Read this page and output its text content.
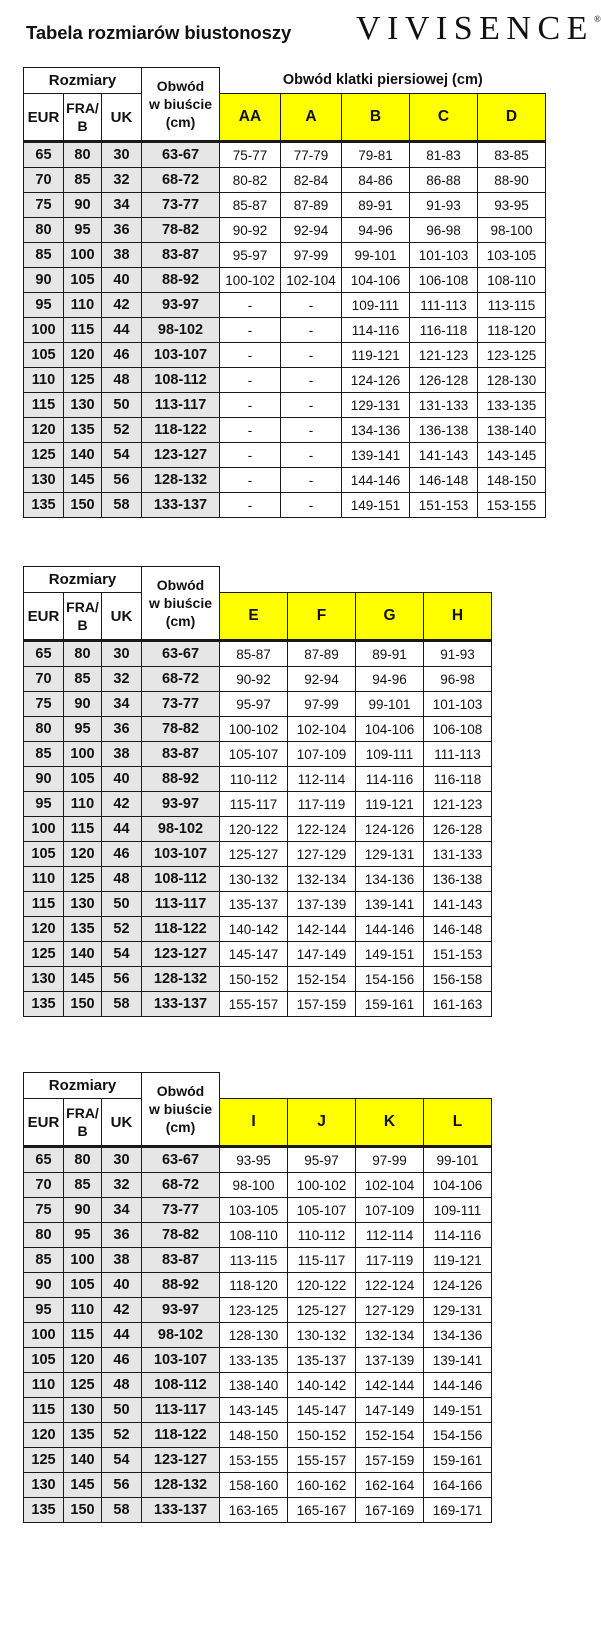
Tabela rozmiarów biustonoszy VIVISENCE®
Rozmiary			Obwód
w biuście
(cm)	Obwód klatki piersiowej (cm)				
EUR	FRA/
B	UK		AA	A	B	C	D
65	80	30	63-67	75-77	77-79	79-81	81-83	83-85
70	85	32	68-72	80-82	82-84	84-86	86-88	88-90
75	90	34	73-77	85-87	87-89	89-91	91-93	93-95
80	95	36	78-82	90-92	92-94	94-96	96-98	98-100
85	100	38	83-87	95-97	97-99	99-101	101-103	103-105
90	105	40	88-92	100-102	102-104	104-106	106-108	108-110
95	110	42	93-97	-	-	109-111	111-113	113-115
100	115	44	98-102	-	-	114-116	116-118	118-120
105	120	46	103-107	-	-	119-121	121-123	123-125
110	125	48	108-112	-	-	124-126	126-128	128-130
115	130	50	113-117	-	-	129-131	131-133	133-135
120	135	52	118-122	-	-	134-136	136-138	138-140
125	140	54	123-127	-	-	139-141	141-143	143-145
130	145	56	128-132	-	-	144-146	146-148	148-150
135	150	58	133-137	-	-	149-151	151-153	153-155
Rozmiary			Obwód
w biuście
(cm)				

EUR	FRA/
B	UK		E	F	G	H
65	80	30	63-67	85-87	87-89	89-91	91-93
70	85	32	68-72	90-92	92-94	94-96	96-98
75	90	34	73-77	95-97	97-99	99-101	101-103
80	95	36	78-82	100-102	102-104	104-106	106-108
85	100	38	83-87	105-107	107-109	109-111	111-113
90	105	40	88-92	110-112	112-114	114-116	116-118
95	110	42	93-97	115-117	117-119	119-121	121-123
100	115	44	98-102	120-122	122-124	124-126	126-128
105	120	46	103-107	125-127	127-129	129-131	131-133
110	125	48	108-112	130-132	132-134	134-136	136-138
115	130	50	113-117	135-137	137-139	139-141	141-143
120	135	52	118-122	140-142	142-144	144-146	146-148
125	140	54	123-127	145-147	147-149	149-151	151-153
130	145	56	128-132	150-152	152-154	154-156	156-158
135	150	58	133-137	155-157	157-159	159-161	161-163
Rozmiary			Obwód
w biuście
(cm)				

EUR	FRA/
B	UK		I	J	K	L
65	80	30	63-67	93-95	95-97	97-99	99-101
70	85	32	68-72	98-100	100-102	102-104	104-106
75	90	34	73-77	103-105	105-107	107-109	109-111
80	95	36	78-82	108-110	110-112	112-114	114-116
85	100	38	83-87	113-115	115-117	117-119	119-121
90	105	40	88-92	118-120	120-122	122-124	124-126
95	110	42	93-97	123-125	125-127	127-129	129-131
100	115	44	98-102	128-130	130-132	132-134	134-136
105	120	46	103-107	133-135	135-137	137-139	139-141
110	125	48	108-112	138-140	140-142	142-144	144-146
115	130	50	113-117	143-145	145-147	147-149	149-151
120	135	52	118-122	148-150	150-152	152-154	154-156
125	140	54	123-127	153-155	155-157	157-159	159-161
130	145	56	128-132	158-160	160-162	162-164	164-166
135	150	58	133-137	163-165	165-167	167-169	169-171
